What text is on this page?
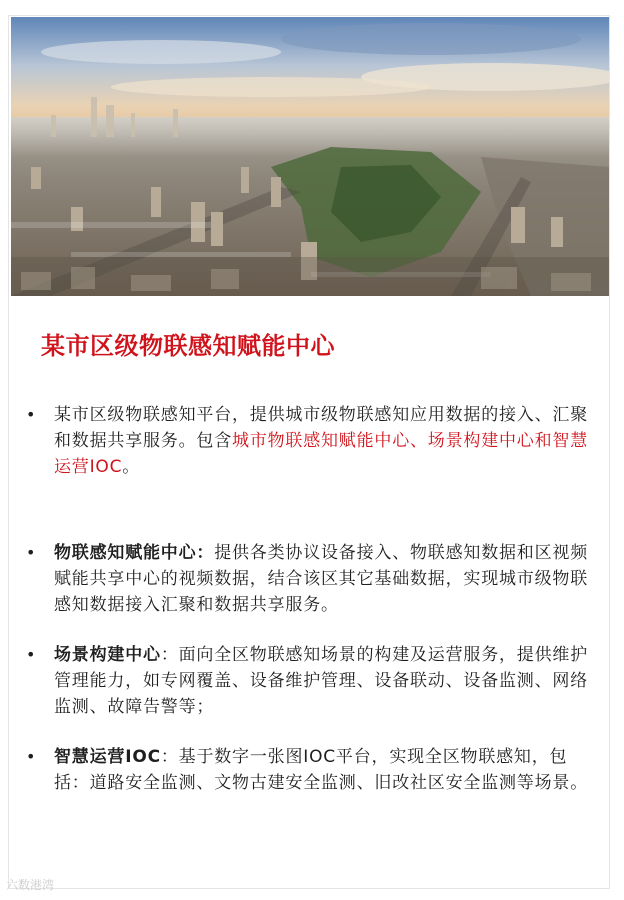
某市区级物联感知赋能中心
• 某市区级物联感知平台，提供城市级物联感知应用数据的接入、汇聚和数据共享服务。包含城市物联感知赋能中心、场景构建中心和智慧运营IOC。
• 物联感知赋能中心：提供各类协议设备接入、物联感知数据和区视频赋能共享中心的视频数据，结合该区其它基础数据，实现城市级物联感知数据接入汇聚和数据共享服务。
• 场景构建中心：面向全区物联感知场景的构建及运营服务，提供维护管理能力，如专网覆盖、设备维护管理、设备联动、设备监测、网络监测、故障告警等；
• 智慧运营IOC：基于数字一张图IOC平台，实现全区物联感知，包括：道路安全监测、文物古建安全监测、旧改社区安全监测等场景。
六数港湾
